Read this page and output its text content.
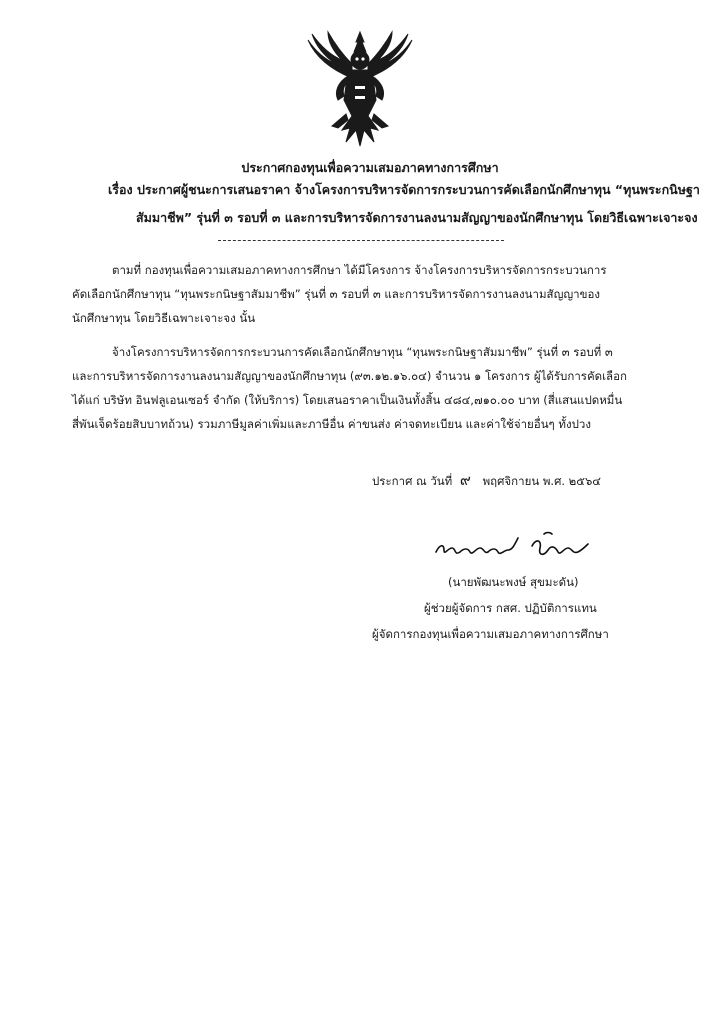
ประกาศกองทุนเพื่อความเสมอภาคทางการศึกษา
เรื่อง ประกาศผู้ชนะการเสนอราคา จ้างโครงการบริหารจัดการกระบวนการคัดเลือกนักศึกษาทุน “ทุนพระกนิษฐา
สัมมาชีพ” รุ่นที่ ๓ รอบที่ ๓ และการบริหารจัดการงานลงนามสัญญาของนักศึกษาทุน โดยวิธีเฉพาะเจาะจง
ตามที่ กองทุนเพื่อความเสมอภาคทางการศึกษา ได้มีโครงการ จ้างโครงการบริหารจัดการกระบวนการ
คัดเลือกนักศึกษาทุน “ทุนพระกนิษฐาสัมมาชีพ” รุ่นที่ ๓ รอบที่ ๓ และการบริหารจัดการงานลงนามสัญญาของ
นักศึกษาทุน โดยวิธีเฉพาะเจาะจง นั้น
จ้างโครงการบริหารจัดการกระบวนการคัดเลือกนักศึกษาทุน “ทุนพระกนิษฐาสัมมาชีพ” รุ่นที่ ๓ รอบที่ ๓
และการบริหารจัดการงานลงนามสัญญาของนักศึกษาทุน (๙๓.๑๒.๑๖.๐๔) จำนวน ๑ โครงการ ผู้ได้รับการคัดเลือก
ได้แก่ บริษัท อินฟลูเอนเซอร์ จำกัด (ให้บริการ) โดยเสนอราคาเป็นเงินทั้งสิ้น ๔๘๔,๗๑๐.๐๐ บาท (สี่แสนแปดหมื่น
สี่พันเจ็ดร้อยสิบบาทถ้วน) รวมภาษีมูลค่าเพิ่มและภาษีอื่น ค่าขนส่ง ค่าจดทะเบียน และค่าใช้จ่ายอื่นๆ ทั้งปวง
ประกาศ ณ วันที่ ๙ พฤศจิกายน พ.ศ. ๒๕๖๔
(นายพัฒนะพงษ์ สุขมะดัน)
ผู้ช่วยผู้จัดการ กสศ. ปฏิบัติการแทน
ผู้จัดการกองทุนเพื่อความเสมอภาคทางการศึกษา
